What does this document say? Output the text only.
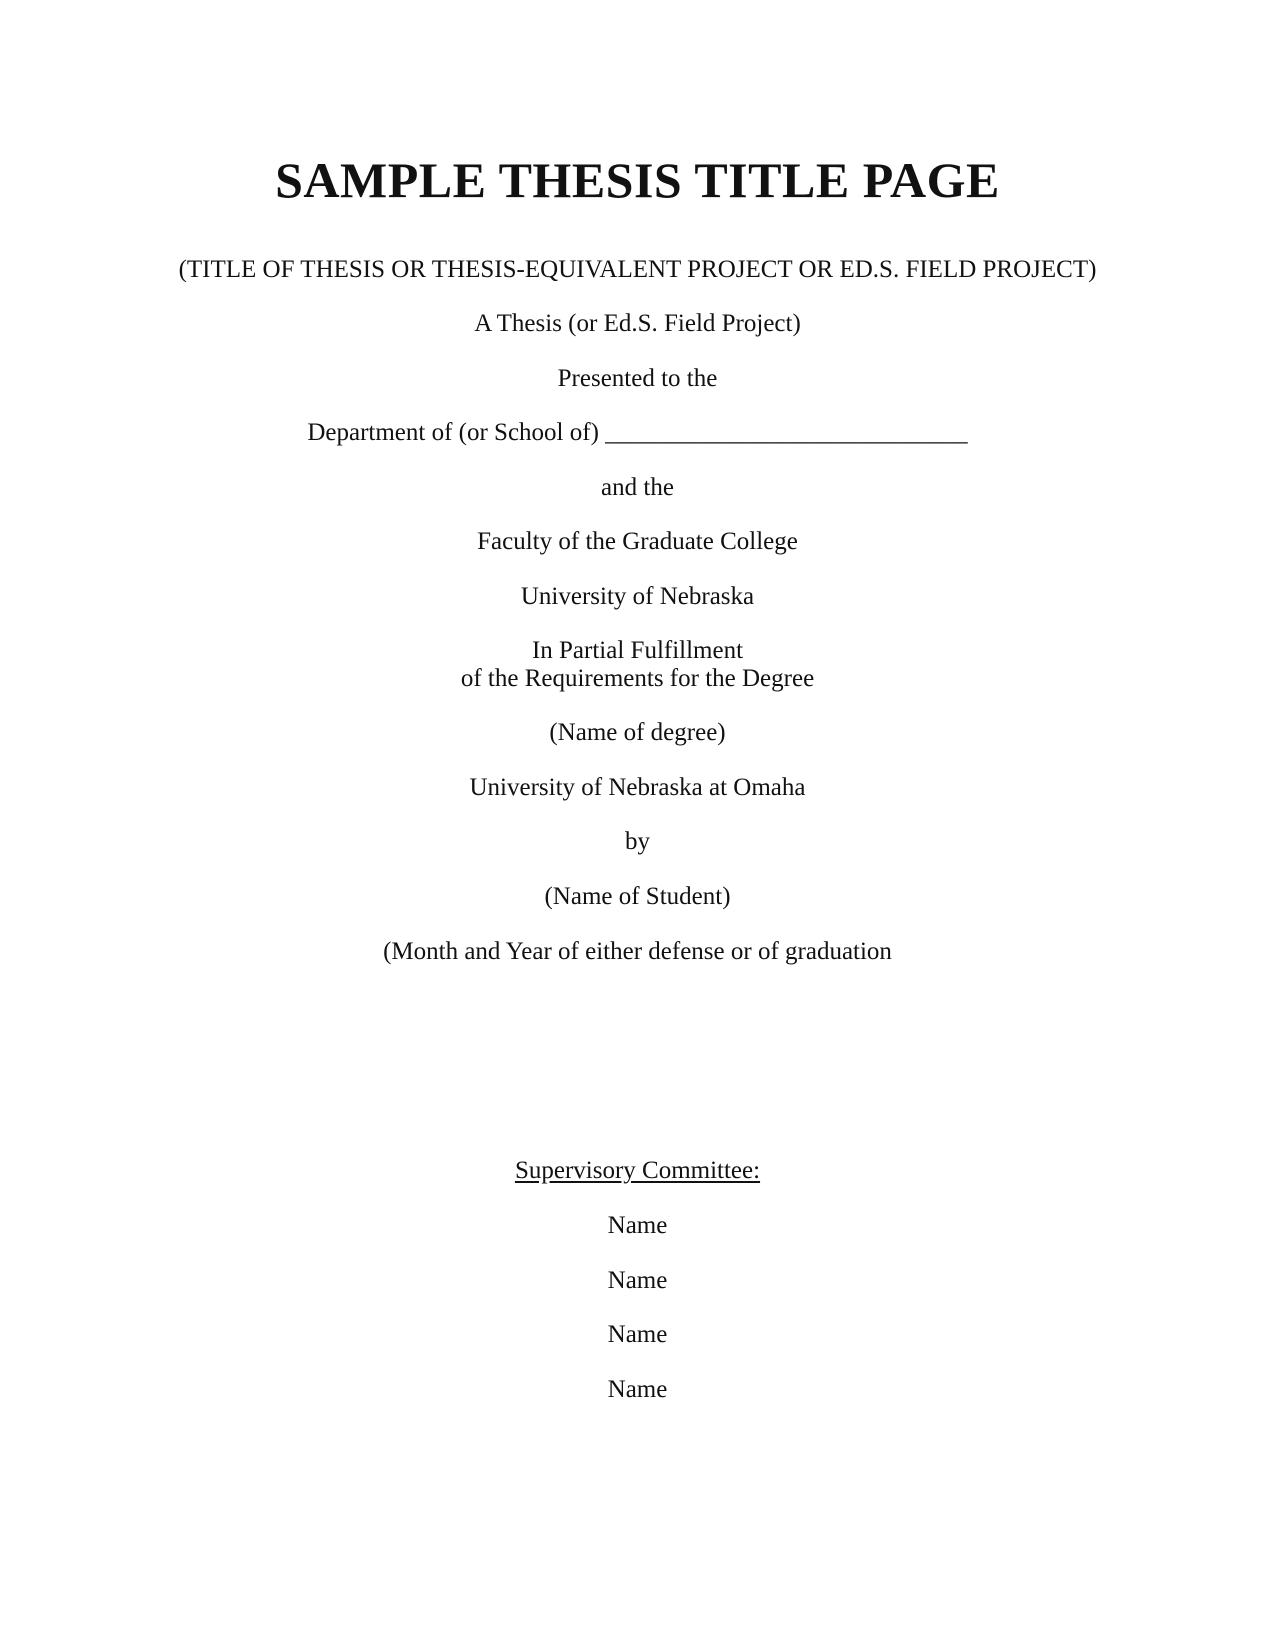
SAMPLE THESIS TITLE PAGE
(TITLE OF THESIS OR THESIS-EQUIVALENT PROJECT OR ED.S. FIELD PROJECT)
A Thesis (or Ed.S. Field Project)
Presented to the
Department of (or School of) _____________________________
and the
Faculty of the Graduate College
University of Nebraska
In Partial Fulfillment
of the Requirements for the Degree
(Name of degree)
University of Nebraska at Omaha
by
(Name of Student)
(Month and Year of either defense or of graduation
Supervisory Committee:
Name
Name
Name
Name
